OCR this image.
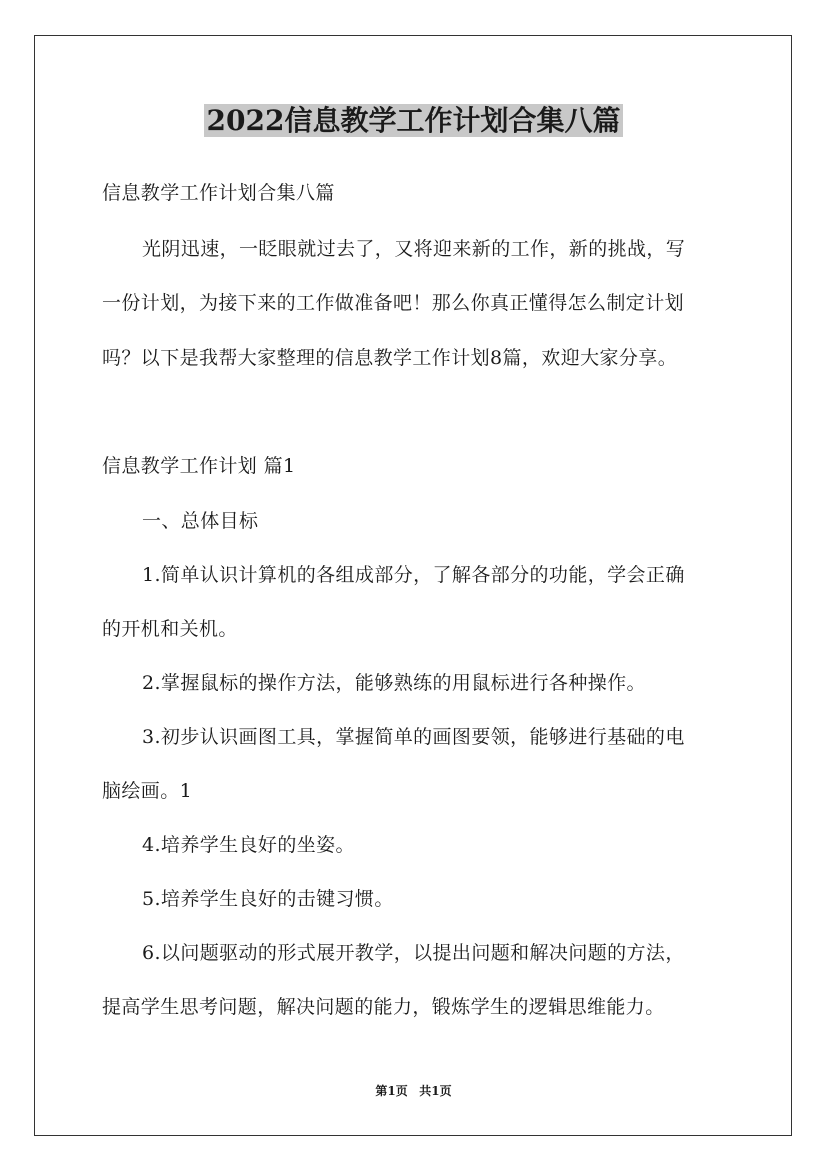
2022信息教学工作计划合集八篇
信息教学工作计划合集八篇
光阴迅速，一眨眼就过去了，又将迎来新的工作，新的挑战，写
一份计划，为接下来的工作做准备吧！那么你真正懂得怎么制定计划
吗？以下是我帮大家整理的信息教学工作计划8篇，欢迎大家分享。
信息教学工作计划 篇1
一、总体目标
1.简单认识计算机的各组成部分，了解各部分的功能，学会正确
的开机和关机。
2.掌握鼠标的操作方法，能够熟练的用鼠标进行各种操作。
3.初步认识画图工具，掌握简单的画图要领，能够进行基础的电
脑绘画。1
4.培养学生良好的坐姿。
5.培养学生良好的击键习惯。
6.以问题驱动的形式展开教学，以提出问题和解决问题的方法，
提高学生思考问题，解决问题的能力，锻炼学生的逻辑思维能力。
第1页 共1页
